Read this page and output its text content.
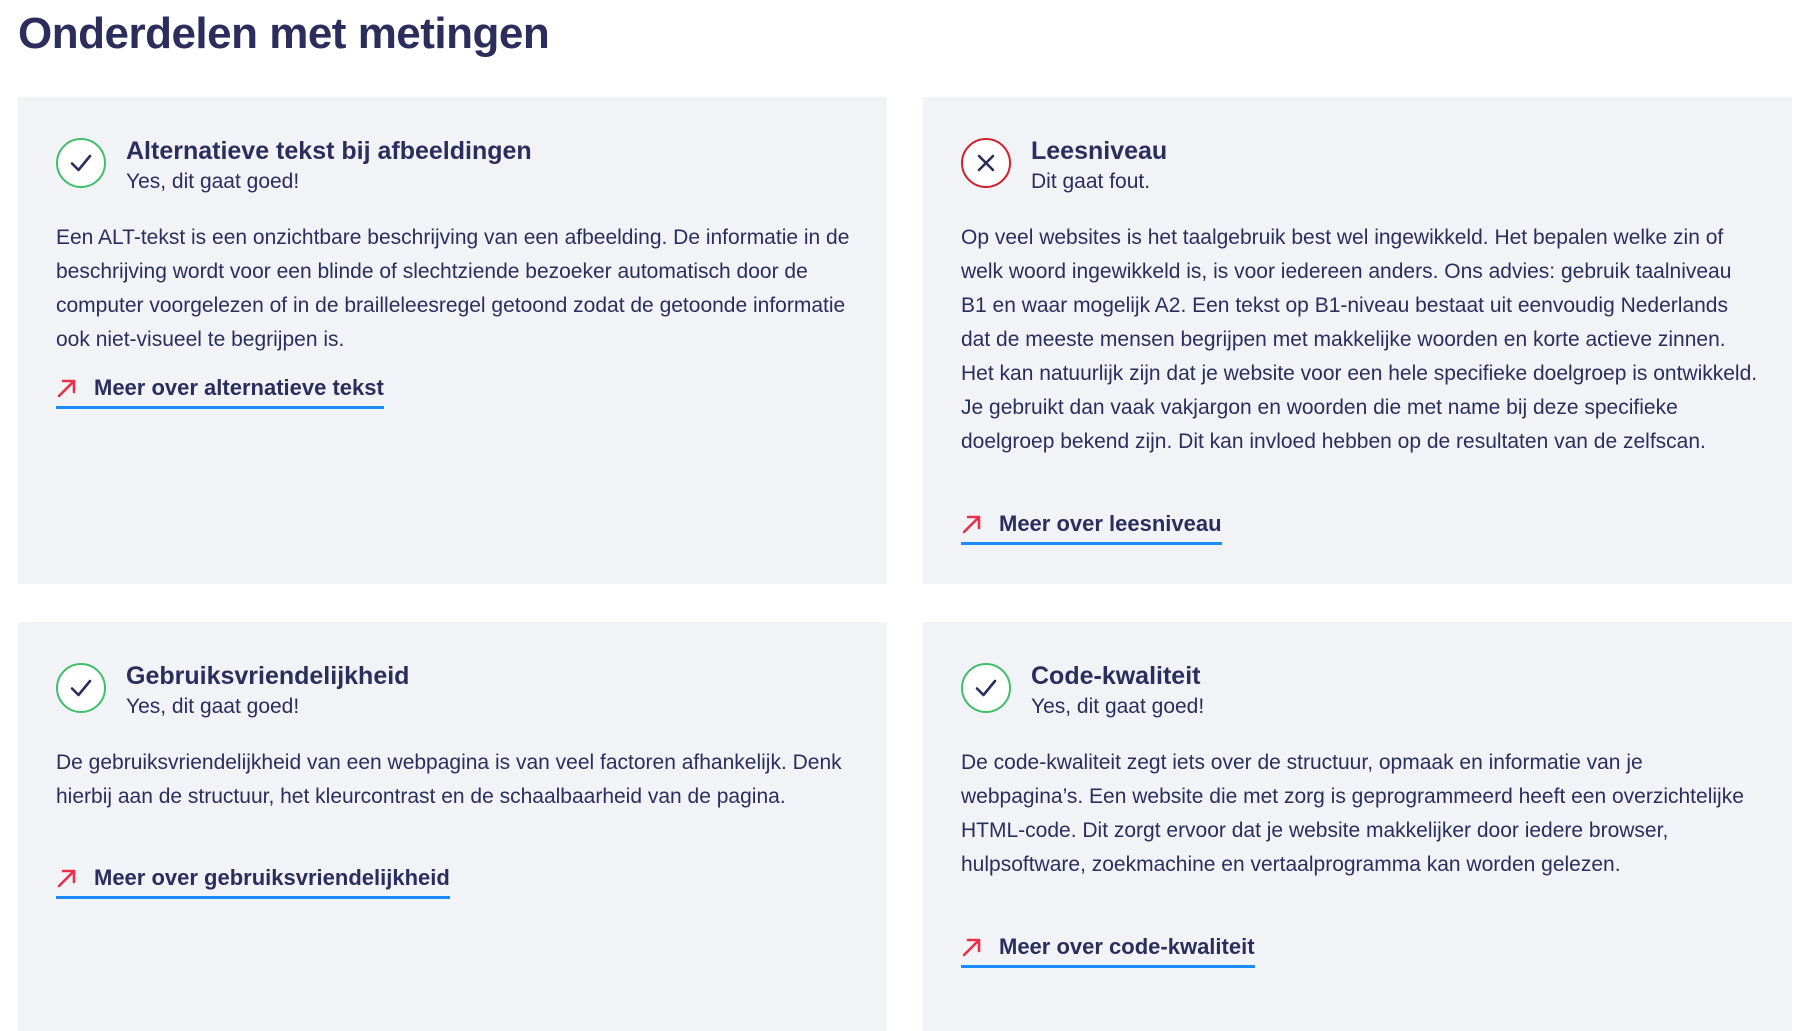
Onderdelen met metingen
Alternatieve tekst bij afbeeldingen

Yes, dit gaat goed!

Een ALT-tekst is een onzichtbare beschrijving van een afbeelding. De informatie in de beschrijving wordt voor een blinde of slechtziende bezoeker automatisch door de computer voorgelezen of in de brailleleesregel getoond zodat de getoonde informatie ook niet-visueel te begrijpen is.

Meer over alternatieve tekst
Leesniveau

Dit gaat fout.

Op veel websites is het taalgebruik best wel ingewikkeld. Het bepalen welke zin of welk woord ingewikkeld is, is voor iedereen anders. Ons advies: gebruik taalniveau B1 en waar mogelijk A2. Een tekst op B1-niveau bestaat uit eenvoudig Nederlands dat de meeste mensen begrijpen met makkelijke woorden en korte actieve zinnen. Het kan natuurlijk zijn dat je website voor een hele specifieke doelgroep is ontwikkeld. Je gebruikt dan vaak vakjargon en woorden die met name bij deze specifieke doelgroep bekend zijn. Dit kan invloed hebben op de resultaten van de zelfscan.

Meer over leesniveau
Gebruiksvriendelijkheid

Yes, dit gaat goed!

De gebruiksvriendelijkheid van een webpagina is van veel factoren afhankelijk. Denk hierbij aan de structuur, het kleurcontrast en de schaalbaarheid van de pagina.

Meer over gebruiksvriendelijkheid
Code-kwaliteit

Yes, dit gaat goed!

De code-kwaliteit zegt iets over de structuur, opmaak en informatie van je webpagina’s. Een website die met zorg is geprogrammeerd heeft een overzichtelijke HTML-code. Dit zorgt ervoor dat je website makkelijker door iedere browser, hulpsoftware, zoekmachine en vertaalprogramma kan worden gelezen.

Meer over code-kwaliteit
